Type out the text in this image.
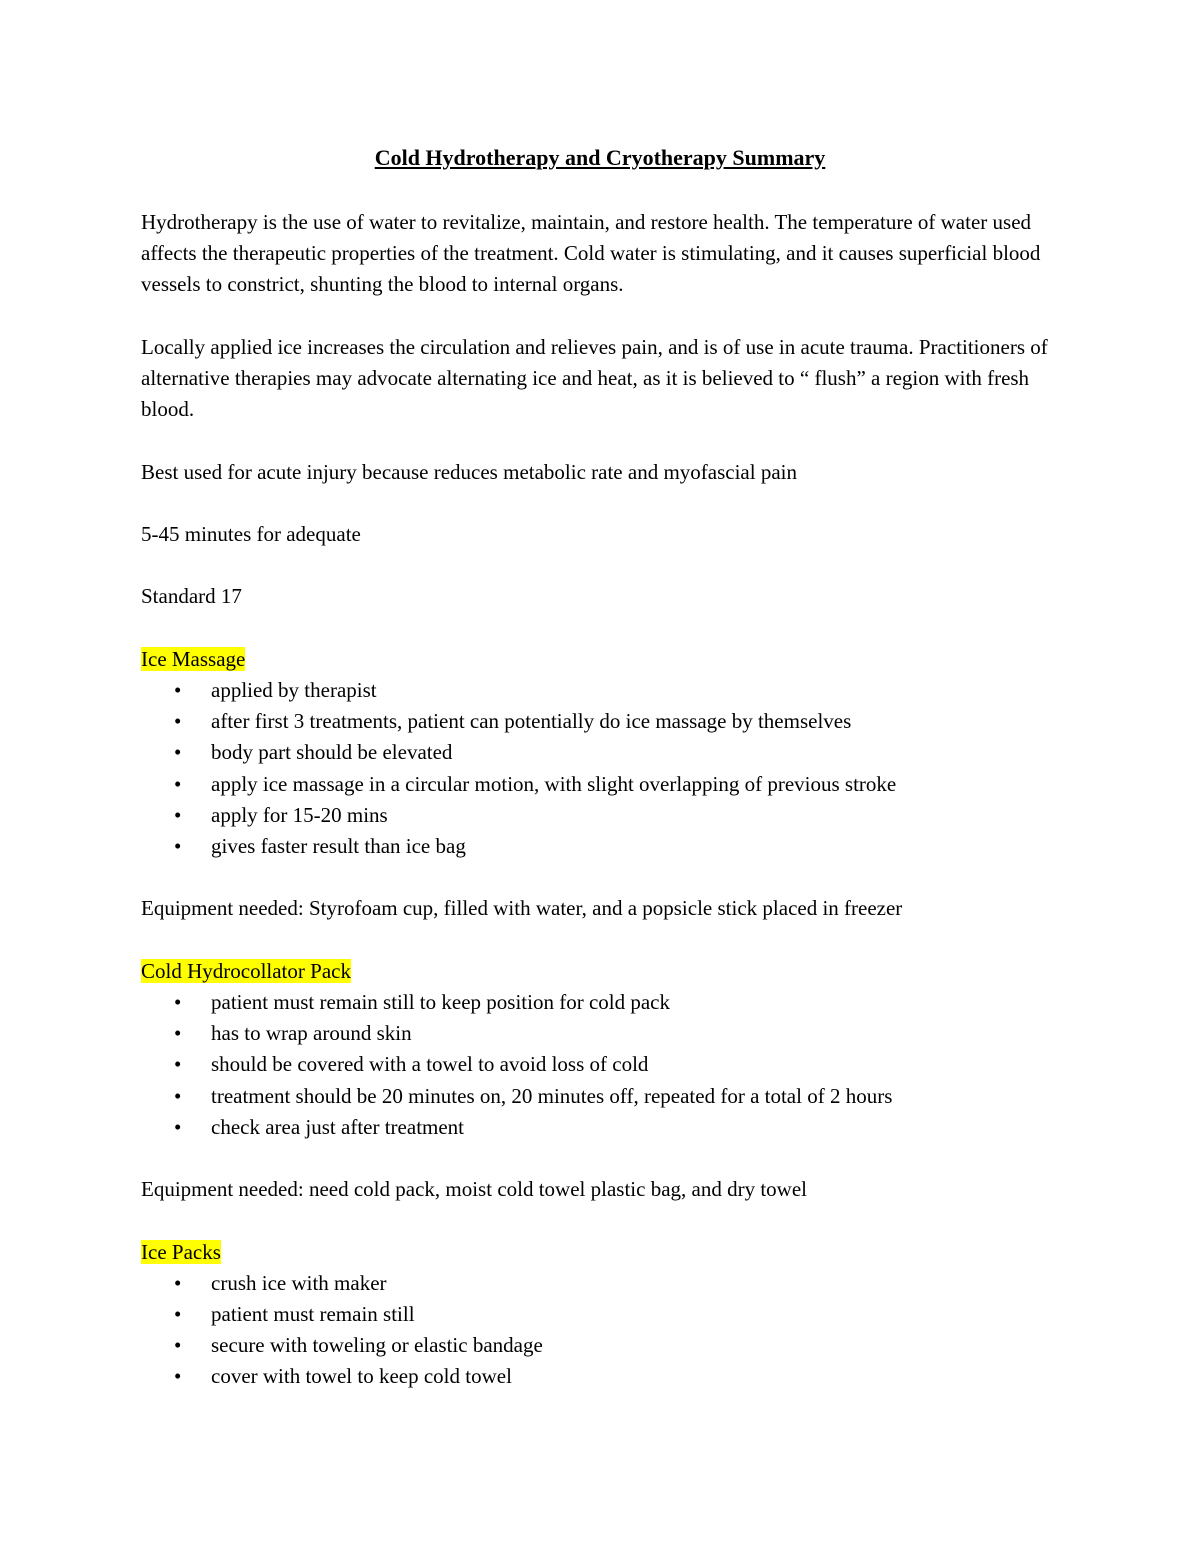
Cold Hydrotherapy and Cryotherapy Summary

Hydrotherapy is the use of water to revitalize, maintain, and restore health. The temperature of water used affects the therapeutic properties of the treatment. Cold water is stimulating, and it causes superficial blood vessels to constrict, shunting the blood to internal organs.

Locally applied ice increases the circulation and relieves pain, and is of use in acute trauma. Practitioners of alternative therapies may advocate alternating ice and heat, as it is believed to “ flush” a region with fresh blood.

Best used for acute injury because reduces metabolic rate and myofascial pain

5-45 minutes for adequate

Standard 17

Ice Massage
• applied by therapist
• after first 3 treatments, patient can potentially do ice massage by themselves
• body part should be elevated
• apply ice massage in a circular motion, with slight overlapping of previous stroke
• apply for 15-20 mins
• gives faster result than ice bag

Equipment needed: Styrofoam cup, filled with water, and a popsicle stick placed in freezer

Cold Hydrocollator Pack
• patient must remain still to keep position for cold pack
• has to wrap around skin
• should be covered with a towel to avoid loss of cold
• treatment should be 20 minutes on, 20 minutes off, repeated for a total of 2 hours
• check area just after treatment

Equipment needed: need cold pack, moist cold towel plastic bag, and dry towel

Ice Packs
• crush ice with maker
• patient must remain still
• secure with toweling or elastic bandage
• cover with towel to keep cold towel
